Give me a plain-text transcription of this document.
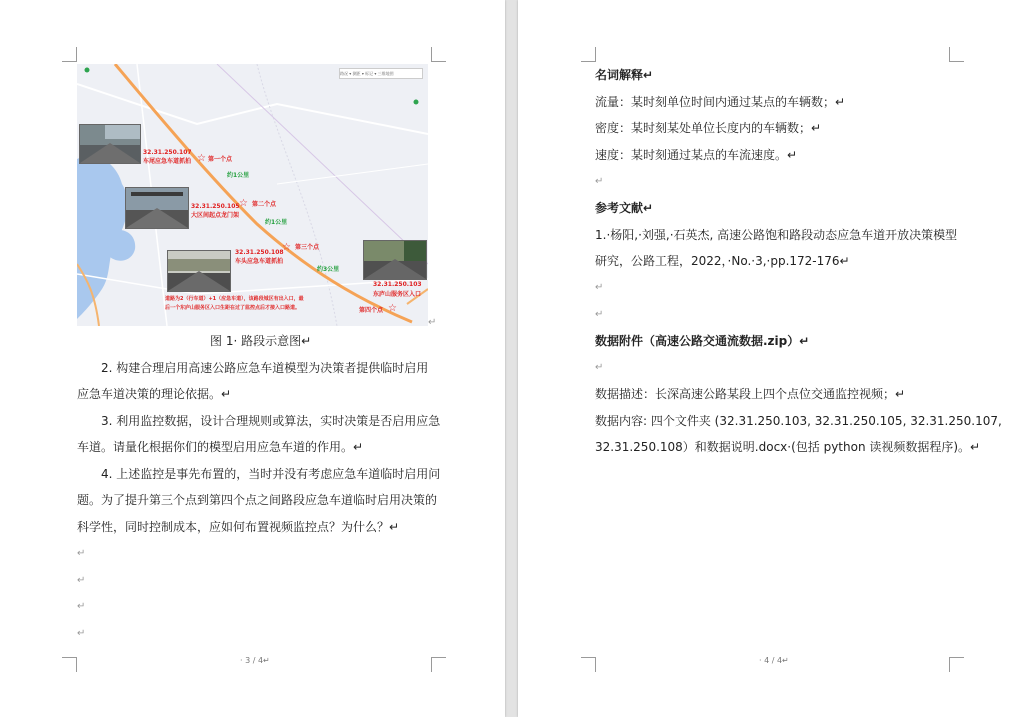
路况 ▾ 测距 ▾ 标记 ▾ 三维地图
32.31.250.107
车尾应急车道抓拍 ☆ 第一个点
约1公里
32.31.250.105
大区间起点龙门架
☆ 第二个点
约1公里
32.31.250.108
车头应急车道抓拍
☆ 第三个点
约3公里
32.31.250.103
东庐山服务区入口
第四个点 ☆
道路为2（行车道）+1（应急车道），该路段城区有出入口，最
后一个东庐山服务区入口生距在过了监控点后才接入口路道。
↵
图 1· 路段示意图↵
2. 构建合理启用高速公路应急车道模型为决策者提供临时启用
应急车道决策的理论依据。↵
3. 利用监控数据，设计合理规则或算法，实时决策是否启用应急
车道。请量化根据你们的模型启用应急车道的作用。↵
4. 上述监控是事先布置的，当时并没有考虑应急车道临时启用问
题。为了提升第三个点到第四个点之间路段应急车道临时启用决策的
科学性，同时控制成本，应如何布置视频监控点？为什么？↵
↵
↵
↵
↵
· 3 / 4↵
名词解释↵
流量：某时刻单位时间内通过某点的车辆数；↵
密度：某时刻某处单位长度内的车辆数；↵
速度：某时刻通过某点的车流速度。↵
↵
参考文献↵
1.·杨阳,·刘强,·石英杰, 高速公路饱和路段动态应急车道开放决策模型
研究，公路工程，2022，·No.·3,·pp.172-176↵
↵
↵
数据附件（高速公路交通流数据.zip）↵
↵
数据描述：长深高速公路某段上四个点位交通监控视频；↵
数据内容: 四个文件夹 (32.31.250.103, 32.31.250.105, 32.31.250.107,
32.31.250.108）和数据说明.docx·(包括 python 读视频数据程序)。↵
· 4 / 4↵
